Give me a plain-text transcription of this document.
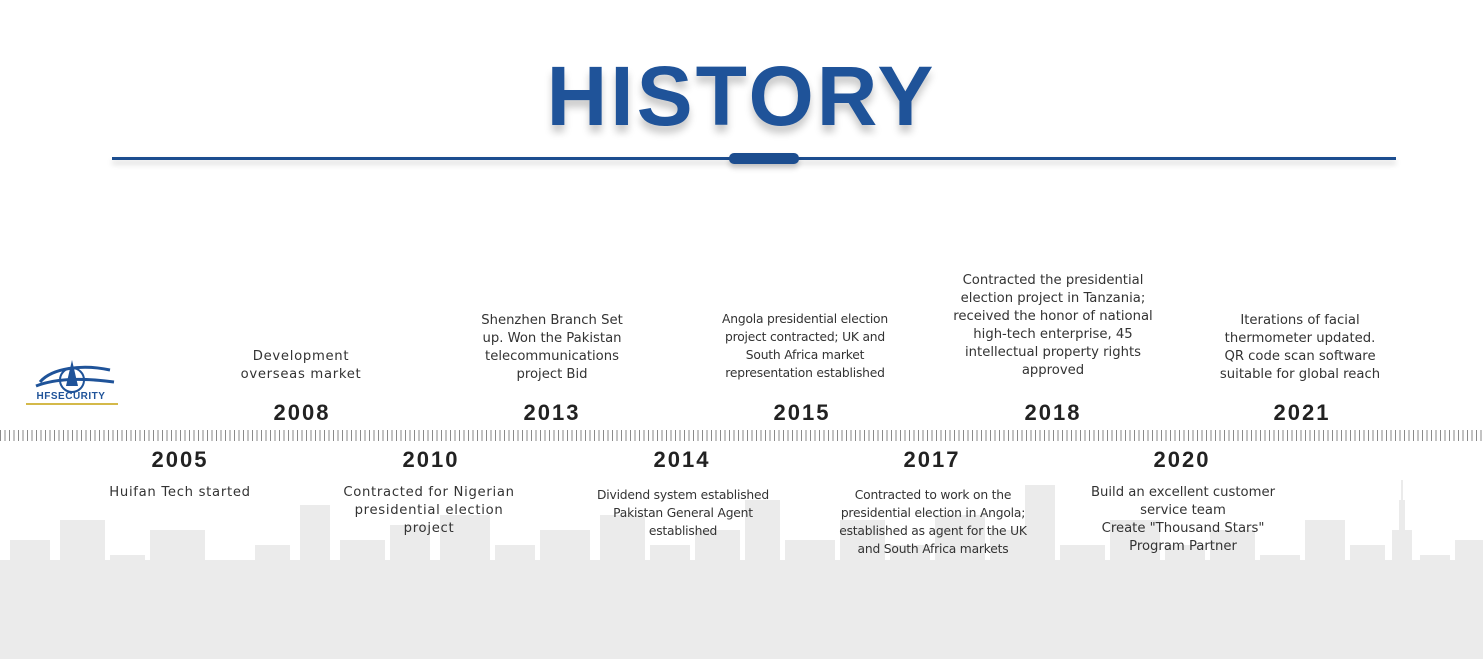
HISTORY
HFSECURITY
2005
Huifan Tech started
2008
Development
overseas market
2010
Contracted for Nigerian
presidential election
project
2013
Shenzhen Branch Set
up. Won the Pakistan
telecommunications
project Bid
2014
Dividend system established
Pakistan General Agent
established
2015
Angola presidential election
project contracted; UK and
South Africa market
representation established
2017
Contracted to work on the
presidential election in Angola;
established as agent for the UK
and South Africa markets
2018
Contracted the presidential
election project in Tanzania;
received the honor of national
high-tech enterprise, 45
intellectual property rights
approved
2020
Build an excellent customer
service team
Create "Thousand Stars"
Program Partner
2021
Iterations of facial
thermometer updated.
QR code scan software
suitable for global reach
